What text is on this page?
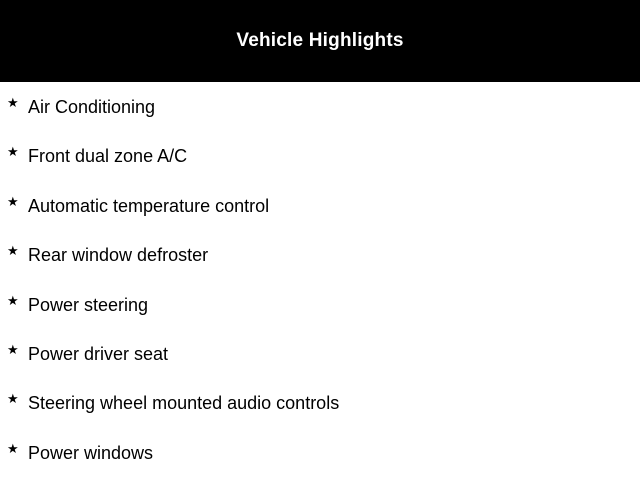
Vehicle Highlights
★ Air Conditioning
★ Front dual zone A/C
★ Automatic temperature control
★ Rear window defroster
★ Power steering
★ Power driver seat
★ Steering wheel mounted audio controls
★ Power windows
